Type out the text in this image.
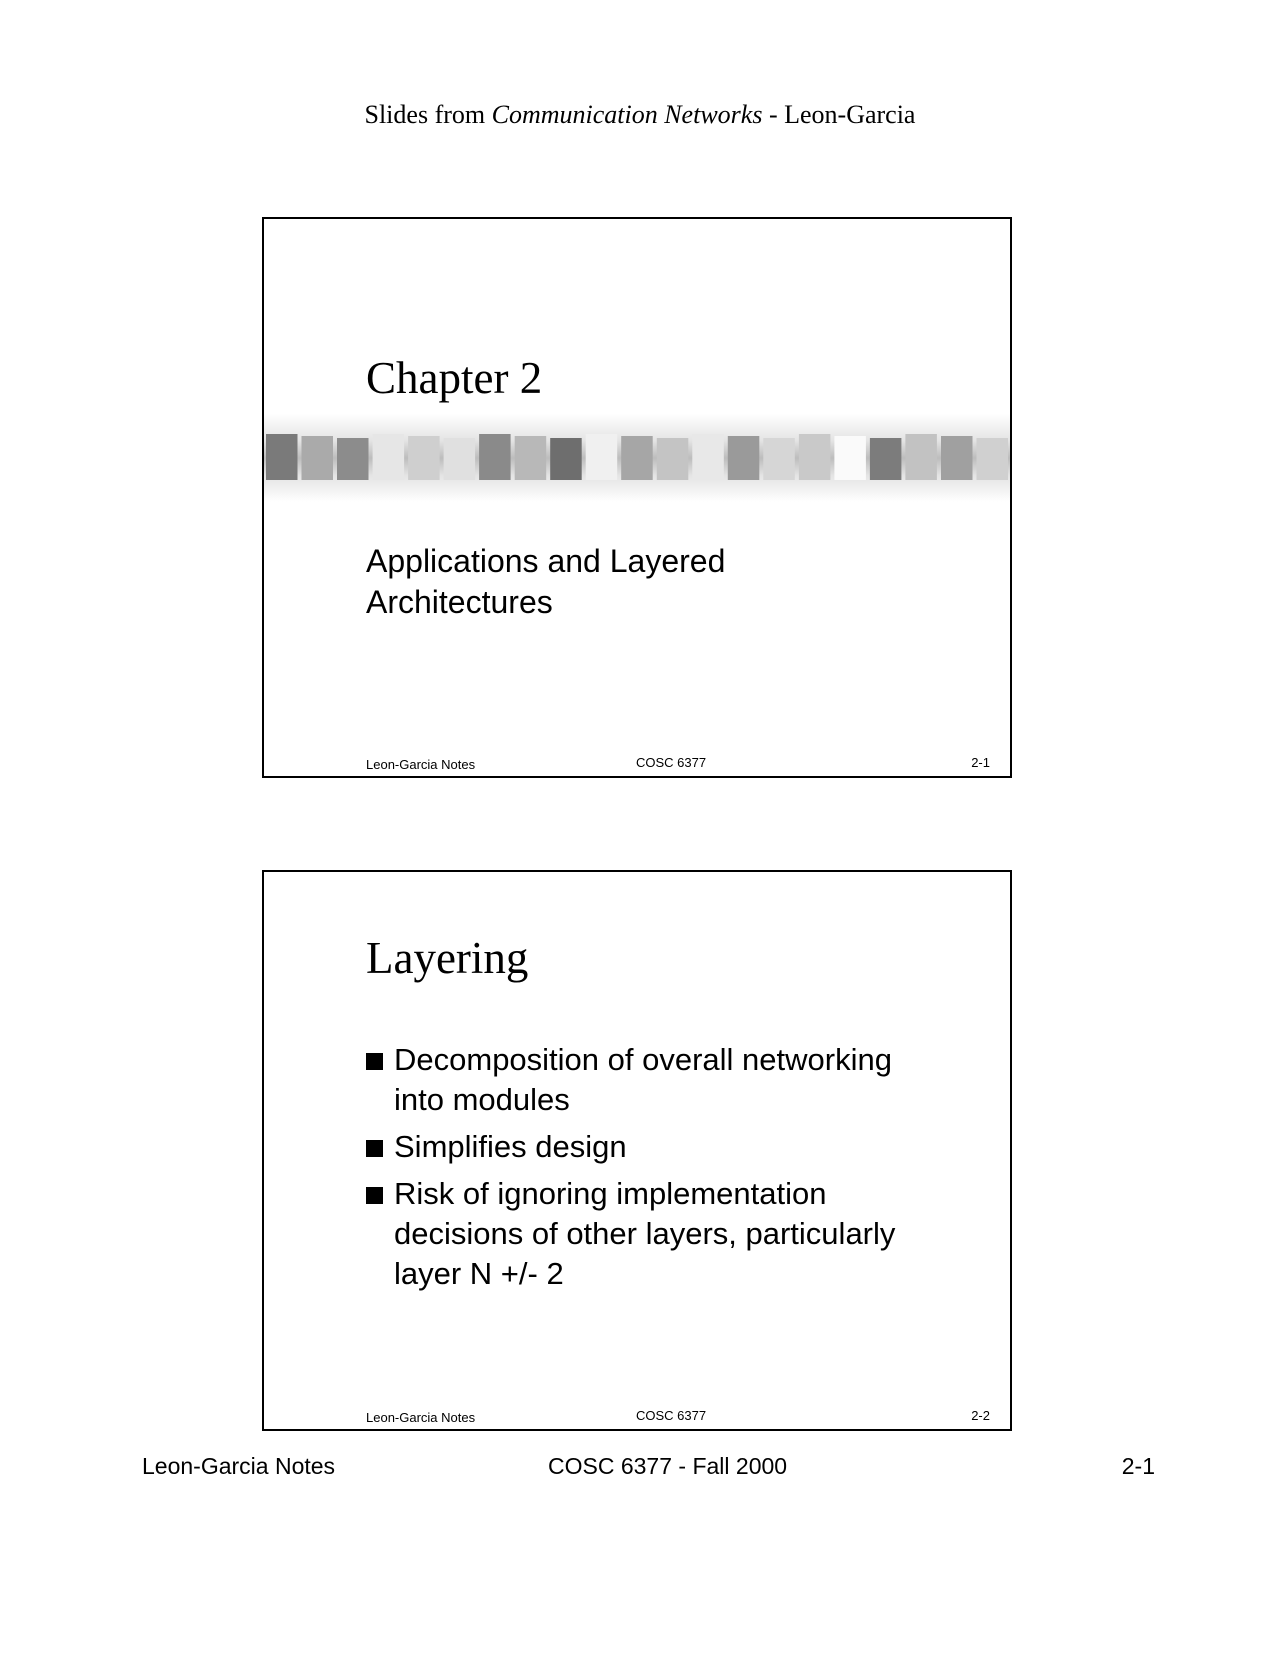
Slides from Communication Networks - Leon-Garcia
Chapter 2
Applications and Layered
Architectures
Leon-Garcia Notes	COSC 6377	2-1
Layering
Decomposition of overall networking
into modules
Simplifies design
Risk of ignoring implementation
decisions of other layers, particularly
layer N +/- 2
Leon-Garcia Notes	COSC 6377	2-2
Leon-Garcia Notes	COSC 6377 - Fall 2000	2-1
